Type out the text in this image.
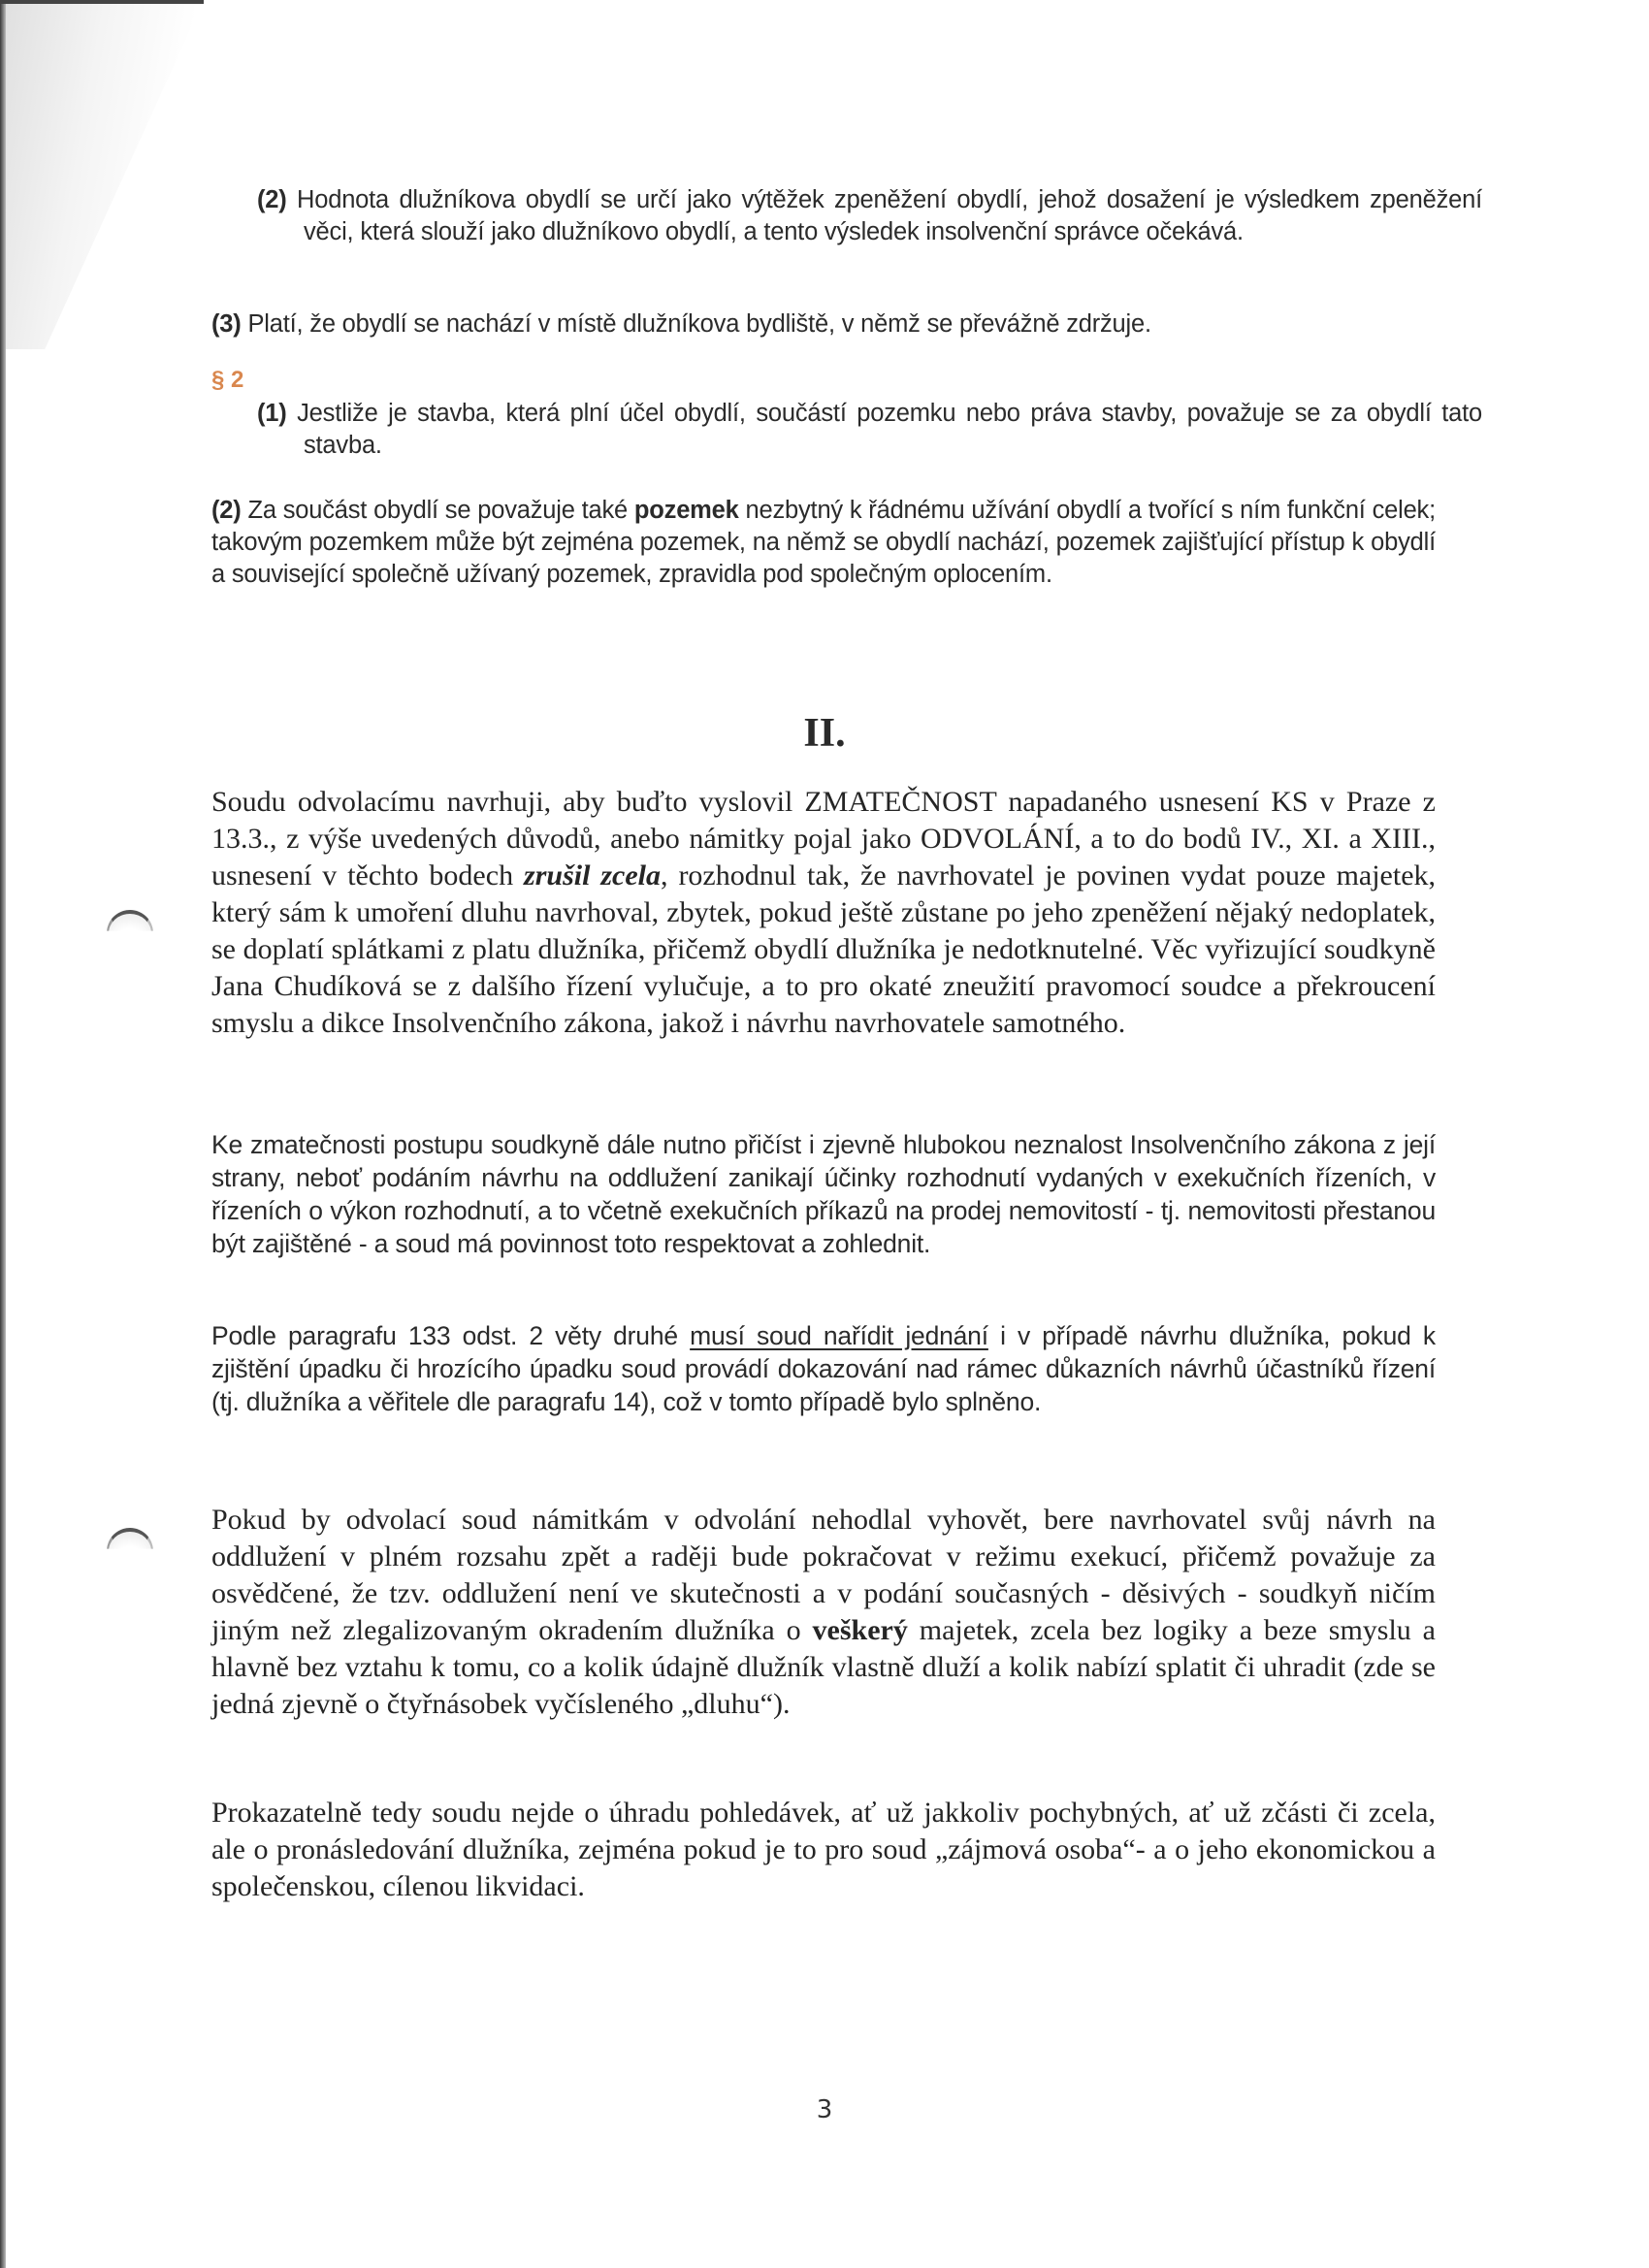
(2) Hodnota dlužníkova obydlí se určí jako výtěžek zpeněžení obydlí, jehož dosažení je výsledkem zpeněžení věci, která slouží jako dlužníkovo obydlí, a tento výsledek insolvenční správce očekává.
(3) Platí, že obydlí se nachází v místě dlužníkova bydliště, v němž se převážně zdržuje.
§ 2
(1) Jestliže je stavba, která plní účel obydlí, součástí pozemku nebo práva stavby, považuje se za obydlí tato stavba.
(2) Za součást obydlí se považuje také pozemek nezbytný k řádnému užívání obydlí a tvořící s ním funkční celek; takovým pozemkem může být zejména pozemek, na němž se obydlí nachází, pozemek zajišťující přístup k obydlí a související společně užívaný pozemek, zpravidla pod společným oplocením.
II.
Soudu odvolacímu navrhuji, aby buďto vyslovil ZMATEČNOST napadaného usnesení KS v Praze z 13.3., z výše uvedených důvodů, anebo námitky pojal jako ODVOLÁNÍ, a to do bodů IV., XI. a XIII., usnesení v těchto bodech zrušil zcela, rozhodnul tak, že navrhovatel je povinen vydat pouze majetek, který sám k umoření dluhu navrhoval, zbytek, pokud ještě zůstane po jeho zpeněžení nějaký nedoplatek, se doplatí splátkami z platu dlužníka, přičemž obydlí dlužníka je nedotknutelné. Věc vyřizující soudkyně Jana Chudíková se z dalšího řízení vylučuje, a to pro okaté zneužití pravomocí soudce a překroucení smyslu a dikce Insolvenčního zákona, jakož i návrhu navrhovatele samotného.
Ke zmatečnosti postupu soudkyně dále nutno přičíst i zjevně hlubokou neznalost Insolvenčního zákona z její strany, neboť podáním návrhu na oddlužení zanikají účinky rozhodnutí vydaných v exekučních řízeních, v řízeních o výkon rozhodnutí, a to včetně exekučních příkazů na prodej nemovitostí - tj. nemovitosti přestanou být zajištěné - a soud má povinnost toto respektovat a zohlednit.
Podle paragrafu 133 odst. 2 věty druhé musí soud nařídit jednání i v případě návrhu dlužníka, pokud k zjištění úpadku či hrozícího úpadku soud provádí dokazování nad rámec důkazních návrhů účastníků řízení (tj. dlužníka a věřitele dle paragrafu 14), což v tomto případě bylo splněno.
Pokud by odvolací soud námitkám v odvolání nehodlal vyhovět, bere navrhovatel svůj návrh na oddlužení v plném rozsahu zpět a raději bude pokračovat v režimu exekucí, přičemž považuje za osvědčené, že tzv. oddlužení není ve skutečnosti a v podání současných - děsivých - soudkyň ničím jiným než zlegalizovaným okradením dlužníka o veškerý majetek, zcela bez logiky a beze smyslu a hlavně bez vztahu k tomu, co a kolik údajně dlužník vlastně dluží a kolik nabízí splatit či uhradit (zde se jedná zjevně o čtyřnásobek vyčísleného „dluhu“).
Prokazatelně tedy soudu nejde o úhradu pohledávek, ať už jakkoliv pochybných, ať už zčásti či zcela, ale o pronásledování dlužníka, zejména pokud je to pro soud „zájmová osoba“- a o jeho ekonomickou a společenskou, cílenou likvidaci.
3
